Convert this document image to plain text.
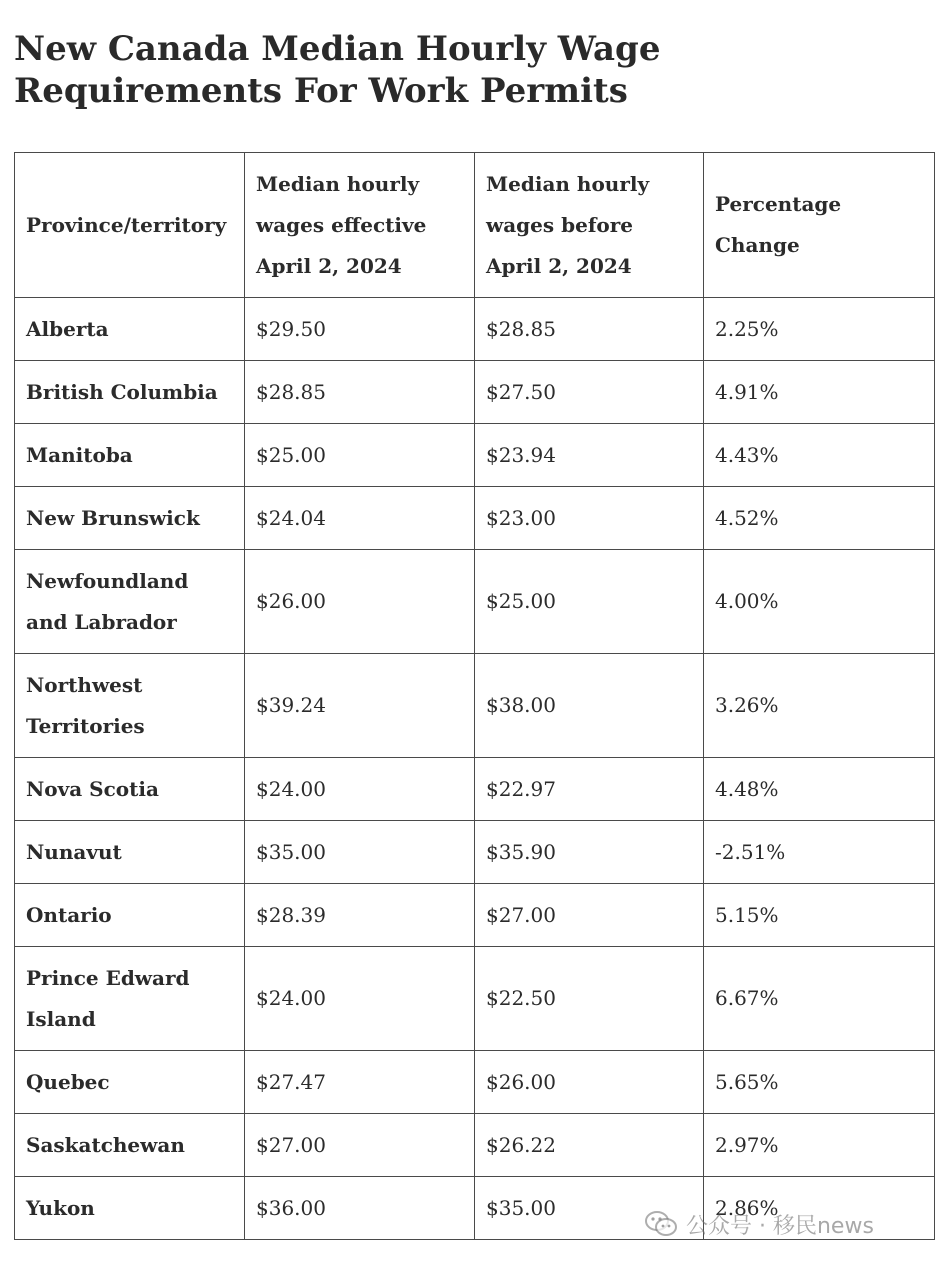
New Canada Median Hourly Wage Requirements For Work Permits
Province/territory	Median hourly wages effective April 2, 2024	Median hourly wages before April 2, 2024	Percentage Change
Alberta	$29.50	$28.85	2.25%
British Columbia	$28.85	$27.50	4.91%
Manitoba	$25.00	$23.94	4.43%
New Brunswick	$24.04	$23.00	4.52%
Newfoundland and Labrador	$26.00	$25.00	4.00%
Northwest Territories	$39.24	$38.00	3.26%
Nova Scotia	$24.00	$22.97	4.48%
Nunavut	$35.00	$35.90	-2.51%
Ontario	$28.39	$27.00	5.15%
Prince Edward Island	$24.00	$22.50	6.67%
Quebec	$27.47	$26.00	5.65%
Saskatchewan	$27.00	$26.22	2.97%
Yukon	$36.00	$35.00	2.86%
公众号 · 移民news
